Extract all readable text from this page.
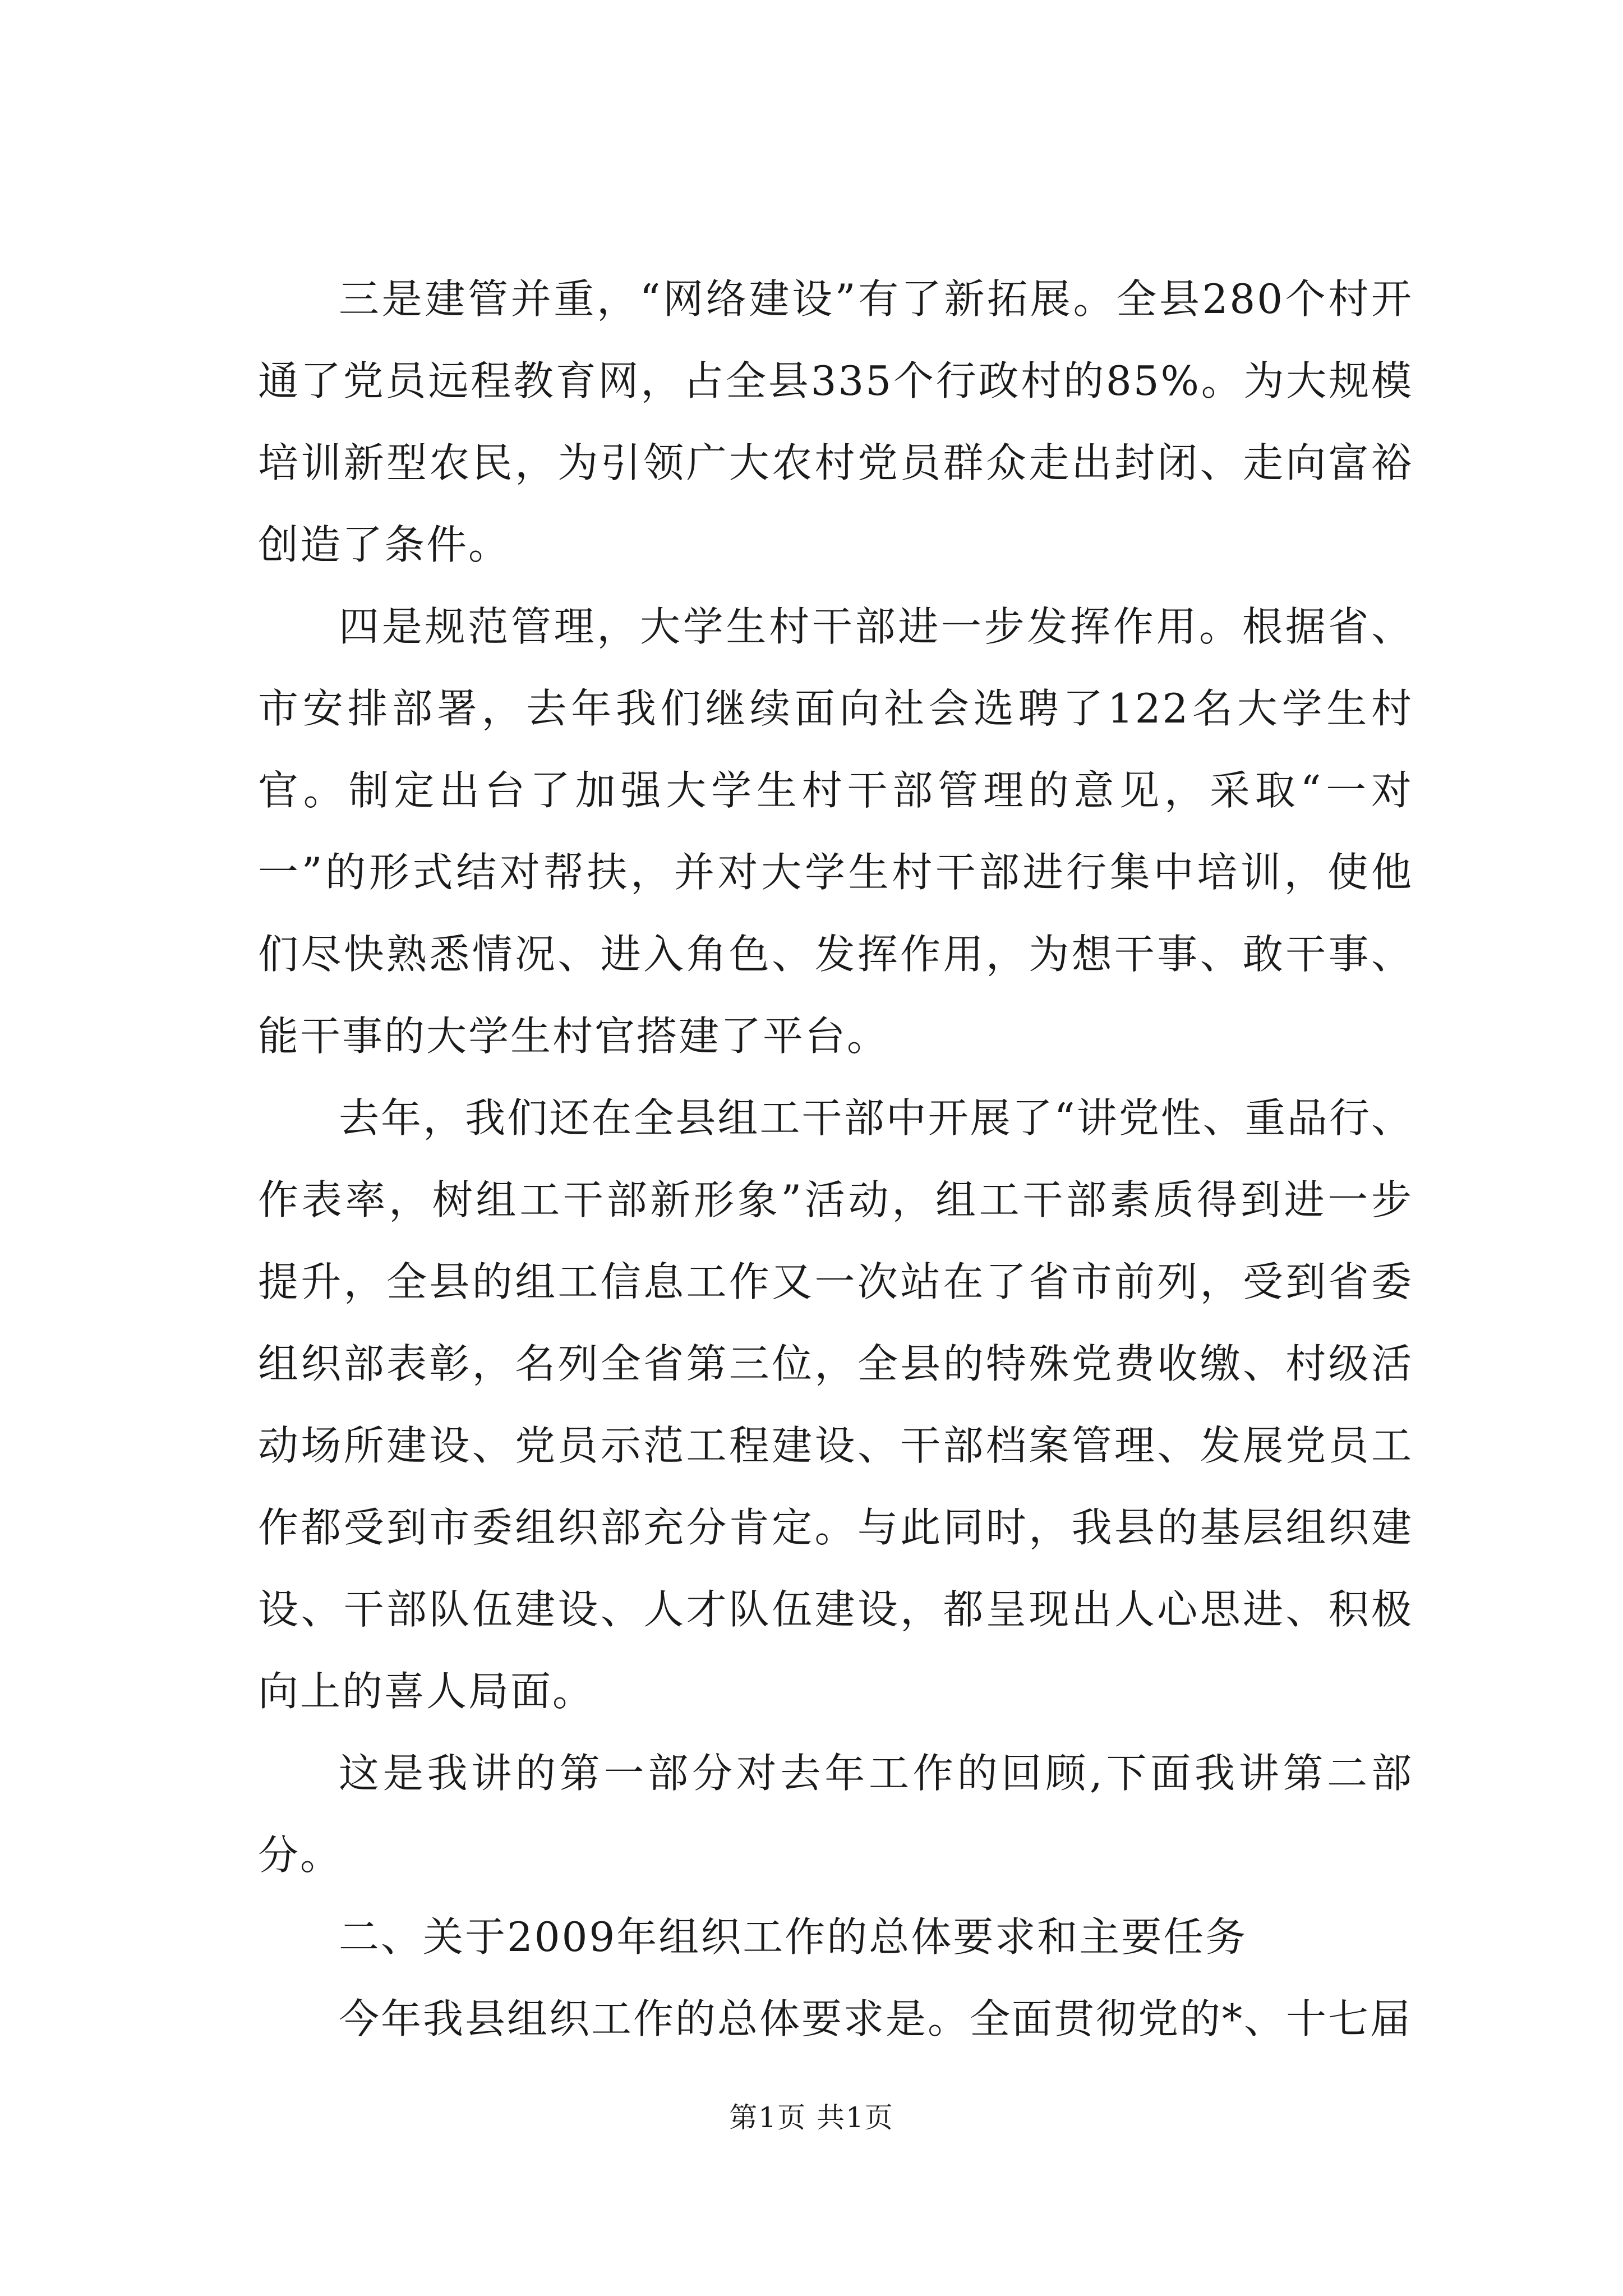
三是建管并重，“网络建设”有了新拓展。全县280个村开通了党员远程教育网，占全县335个行政村的85%。为大规模培训新型农民，为引领广大农村党员群众走出封闭、走向富裕创造了条件。

四是规范管理，大学生村干部进一步发挥作用。根据省、市安排部署，去年我们继续面向社会选聘了122名大学生村官。制定出台了加强大学生村干部管理的意见，采取“一对一”的形式结对帮扶，并对大学生村干部进行集中培训，使他们尽快熟悉情况、进入角色、发挥作用，为想干事、敢干事、能干事的大学生村官搭建了平台。

去年，我们还在全县组工干部中开展了“讲党性、重品行、作表率，树组工干部新形象”活动，组工干部素质得到进一步提升，全县的组工信息工作又一次站在了省市前列，受到省委组织部表彰，名列全省第三位，全县的特殊党费收缴、村级活动场所建设、党员示范工程建设、干部档案管理、发展党员工作都受到市委组织部充分肯定。与此同时，我县的基层组织建设、干部队伍建设、人才队伍建设，都呈现出人心思进、积极向上的喜人局面。

这是我讲的第一部分对去年工作的回顾,下面我讲第二部分。

二、关于2009年组织工作的总体要求和主要任务

今年我县组织工作的总体要求是。全面贯彻党的*、十七届

第1页 共1页
